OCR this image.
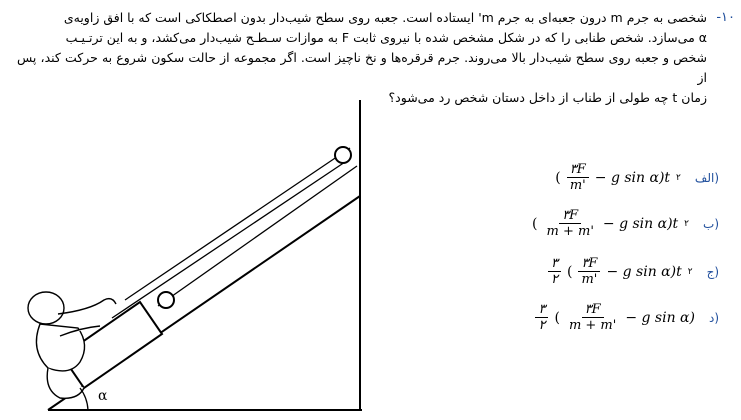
-۱۰
شخصی به جرم m درون جعبه‌ای به جرم m' ایستاده است. جعبه روی سطح شیب‌دار بدون اصطکاکی است که با افق زاویه‌ی
α می‌سازد. شخص طنابی را که در شکل مشخص شده با نیروی ثابت F به موازات سـطـح شیب‌دار می‌کشد، و به این ترتـیـب
شخص و جعبه روی سطح شیب‌دار بالا می‌روند. جرم قرقره‌ها و نخ ناچیز است. اگر مجموعه از حالت سکون شروع به حرکت کند، پس از
زمان t چه طولی از طناب از داخل دستان شخص رد می‌شود؟
α
( $\frac{۳F}{m'} - g$ sin α)t ۲ الف)
( $\frac{۳F}{m + m'} - g$ sin α)t ۲ ب)
$\frac{۳}{۲}$ ( $\frac{۳F}{m'} - g$ sin α)t ۲ ج)
$\frac{۳}{۲}$ ( $\frac{۳F}{m + m'} - g$ sin α) د)
